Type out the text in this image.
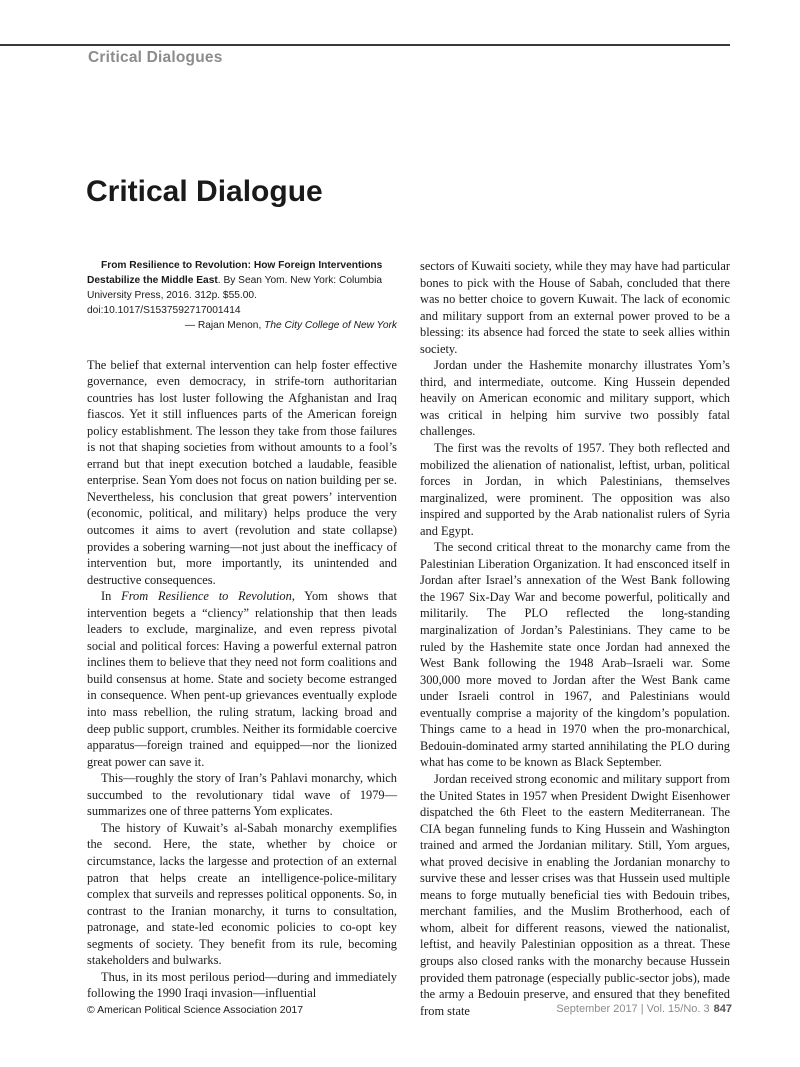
Critical Dialogues
Critical Dialogue

From Resilience to Revolution: How Foreign Interventions Destabilize the Middle East. By Sean Yom. New York: Columbia University Press, 2016. 312p. $55.00.
doi:10.1017/S1537592717001414

— Rajan Menon, The City College of New York

The belief that external intervention can help foster effective governance, even democracy, in strife-torn authoritarian countries has lost luster following the Afghanistan and Iraq fiascos. Yet it still influences parts of the American foreign policy establishment. The lesson they take from those failures is not that shaping societies from without amounts to a fool’s errand but that inept execution botched a laudable, feasible enterprise. Sean Yom does not focus on nation building per se. Nevertheless, his conclusion that great powers’ intervention (economic, political, and military) helps produce the very outcomes it aims to avert (revolution and state collapse) provides a sobering warning—not just about the inefficacy of intervention but, more importantly, its unintended and destructive consequences.

In From Resilience to Revolution, Yom shows that intervention begets a “cliency” relationship that then leads leaders to exclude, marginalize, and even repress pivotal social and political forces: Having a powerful external patron inclines them to believe that they need not form coalitions and build consensus at home. State and society become estranged in consequence. When pent-up grievances eventually explode into mass rebellion, the ruling stratum, lacking broad and deep public support, crumbles. Neither its formidable coercive apparatus—foreign trained and equipped—nor the lionized great power can save it.

This—roughly the story of Iran’s Pahlavi monarchy, which succumbed to the revolutionary tidal wave of 1979—summarizes one of three patterns Yom explicates.

The history of Kuwait’s al-Sabah monarchy exemplifies the second. Here, the state, whether by choice or circumstance, lacks the largesse and protection of an external patron that helps create an intelligence-police-military complex that surveils and represses political opponents. So, in contrast to the Iranian monarchy, it turns to consultation, patronage, and state-led economic policies to co-opt key segments of society. They benefit from its rule, becoming stakeholders and bulwarks.

Thus, in its most perilous period—during and immediately following the 1990 Iraqi invasion—influential

sectors of Kuwaiti society, while they may have had particular bones to pick with the House of Sabah, concluded that there was no better choice to govern Kuwait. The lack of economic and military support from an external power proved to be a blessing: its absence had forced the state to seek allies within society.

Jordan under the Hashemite monarchy illustrates Yom’s third, and intermediate, outcome. King Hussein depended heavily on American economic and military support, which was critical in helping him survive two possibly fatal challenges.

The first was the revolts of 1957. They both reflected and mobilized the alienation of nationalist, leftist, urban, political forces in Jordan, in which Palestinians, themselves marginalized, were prominent. The opposition was also inspired and supported by the Arab nationalist rulers of Syria and Egypt.

The second critical threat to the monarchy came from the Palestinian Liberation Organization. It had ensconced itself in Jordan after Israel’s annexation of the West Bank following the 1967 Six-Day War and become powerful, politically and militarily. The PLO reflected the long-standing marginalization of Jordan’s Palestinians. They came to be ruled by the Hashemite state once Jordan had annexed the West Bank following the 1948 Arab–Israeli war. Some 300,000 more moved to Jordan after the West Bank came under Israeli control in 1967, and Palestinians would eventually comprise a majority of the kingdom’s population. Things came to a head in 1970 when the pro-monarchical, Bedouin-dominated army started annihilating the PLO during what has come to be known as Black September.

Jordan received strong economic and military support from the United States in 1957 when President Dwight Eisenhower dispatched the 6th Fleet to the eastern Mediterranean. The CIA began funneling funds to King Hussein and Washington trained and armed the Jordanian military. Still, Yom argues, what proved decisive in enabling the Jordanian monarchy to survive these and lesser crises was that Hussein used multiple means to forge mutually beneficial ties with Bedouin tribes, merchant families, and the Muslim Brotherhood, each of whom, albeit for different reasons, viewed the nationalist, leftist, and heavily Palestinian opposition as a threat. These groups also closed ranks with the monarchy because Hussein provided them patronage (especially public-sector jobs), made the army a Bedouin preserve, and ensured that they benefited from state

© American Political Science Association 2017	September 2017 | Vol. 15/No. 3 847
